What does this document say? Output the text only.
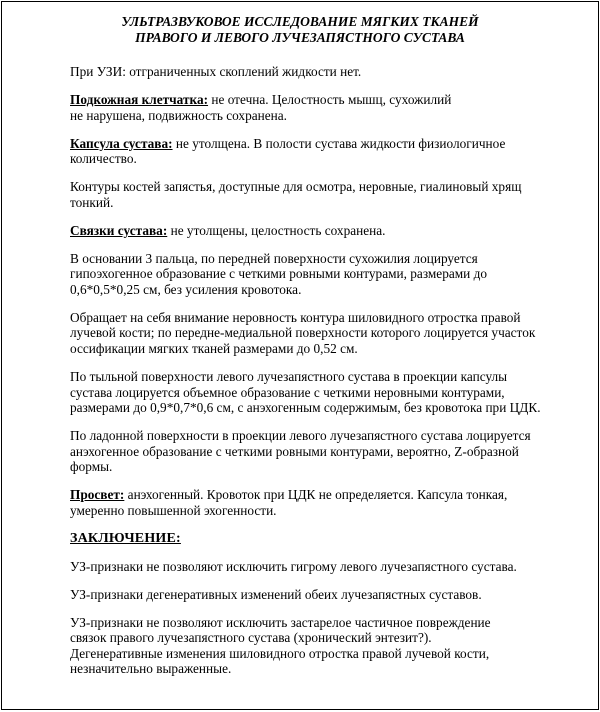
УЛЬТРАЗВУКОВОЕ ИССЛЕДОВАНИЕ МЯГКИХ ТКАНЕЙ
ПРАВОГО И ЛЕВОГО ЛУЧЕЗАПЯСТНОГО СУСТАВА

При УЗИ: отграниченных скоплений жидкости нет.

Подкожная клетчатка: не отечна. Целостность мышц, сухожилий
не нарушена, подвижность сохранена.

Капсула сустава: не утолщена. В полости сустава жидкости физиологичное
количество.

Контуры костей запястья, доступные для осмотра, неровные, гиалиновый хрящ
тонкий.

Связки сустава: не утолщены, целостность сохранена.

В основании 3 пальца, по передней поверхности сухожилия лоцируется
гипоэхогенное образование с четкими ровными контурами, размерами до
0,6*0,5*0,25 см, без усиления кровотока.

Обращает на себя внимание неровность контура шиловидного отростка правой
лучевой кости; по передне-медиальной поверхности которого лоцируется участок
оссификации мягких тканей размерами до 0,52 см.

По тыльной поверхности левого лучезапястного сустава в проекции капсулы
сустава лоцируется объемное образование с четкими неровными контурами,
размерами до 0,9*0,7*0,6 см, с анэхогенным содержимым, без кровотока при ЦДК.

По ладонной поверхности в проекции левого лучезапястного сустава лоцируется
анэхогенное образование с четкими ровными контурами, вероятно, Z-образной
формы.

Просвет: анэхогенный. Кровоток при ЦДК не определяется. Капсула тонкая,
умеренно повышенной эхогенности.

ЗАКЛЮЧЕНИЕ:

УЗ-признаки не позволяют исключить гигрому левого лучезапястного сустава.

УЗ-признаки дегенеративных изменений обеих лучезапястных суставов.

УЗ-признаки не позволяют исключить застарелое частичное повреждение
связок правого лучезапястного сустава (хронический энтезит?).
Дегенеративные изменения шиловидного отростка правой лучевой кости,
незначительно выраженные.
